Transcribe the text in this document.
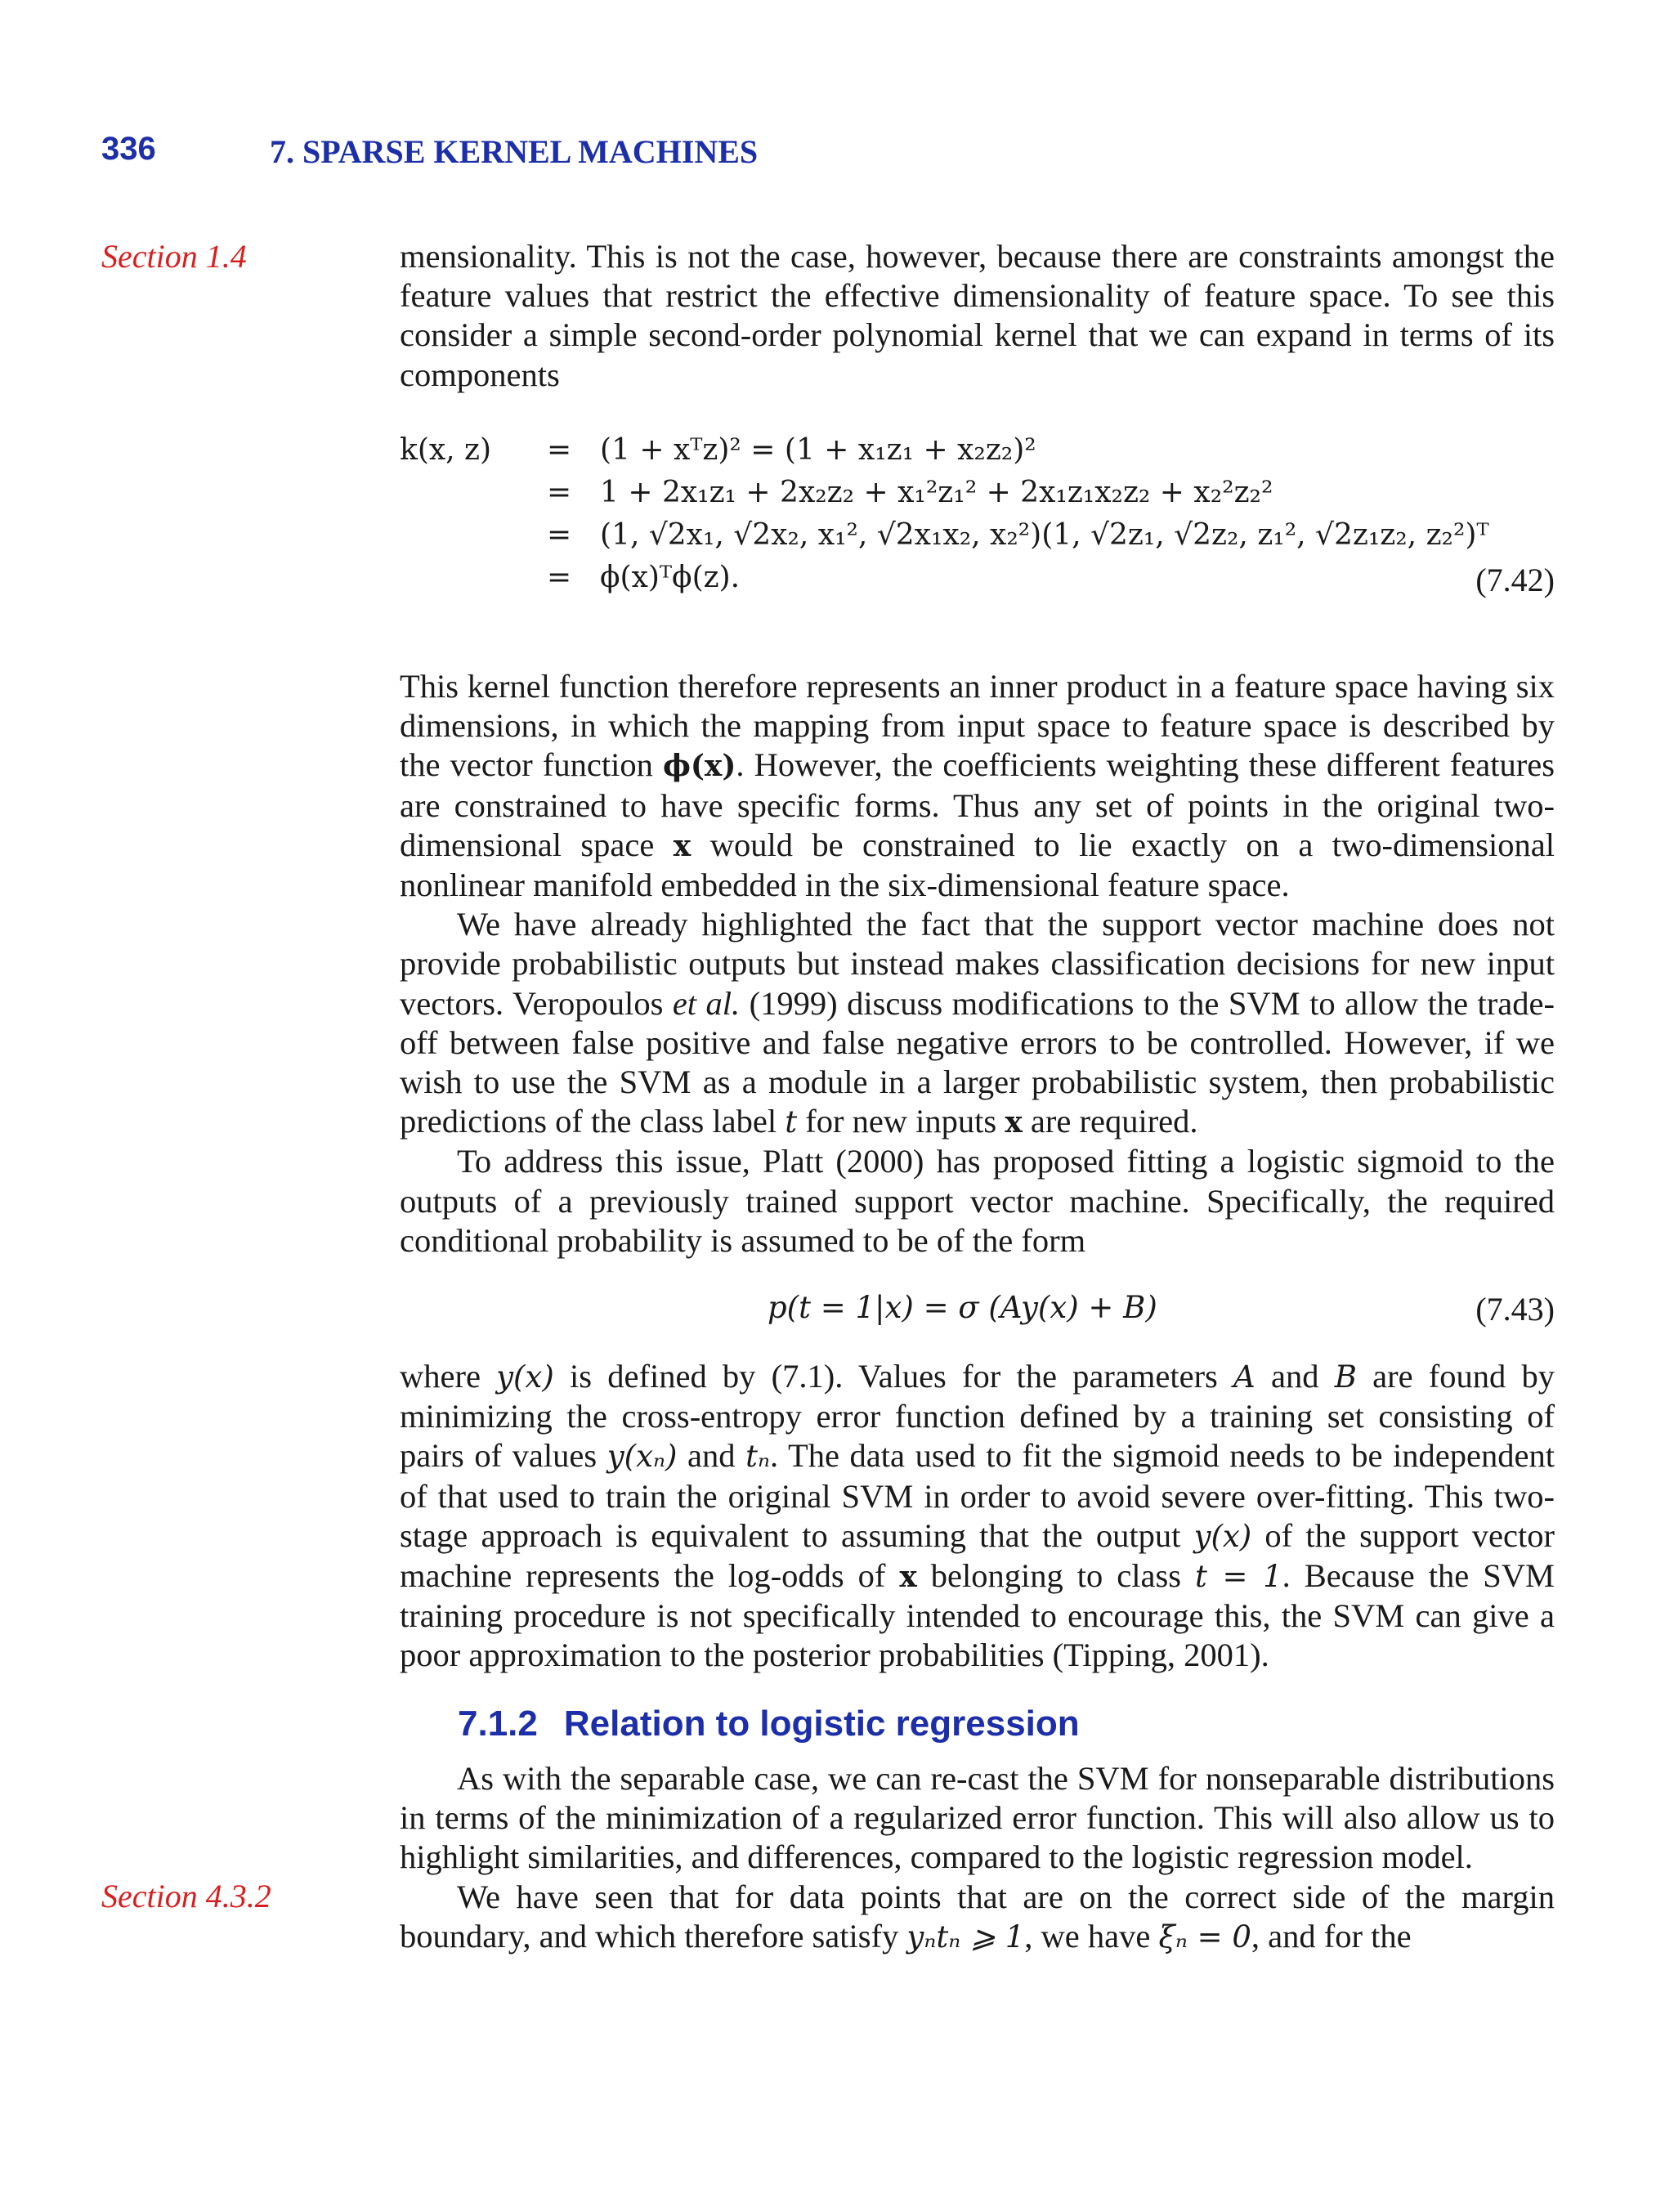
336	7. SPARSE KERNEL MACHINES
Section 1.4
Section 4.3.2

mensionality. This is not the case, however, because there are constraints amongst the feature values that restrict the effective dimensionality of feature space. To see this consider a simple second-order polynomial kernel that we can expand in terms of its components

k(x, z) = (1 + xᵀz)² = (1 + x₁z₁ + x₂z₂)²
= 1 + 2x₁z₁ + 2x₂z₂ + x₁²z₁² + 2x₁z₁x₂z₂ + x₂²z₂²
= (1, √2x₁, √2x₂, x₁², √2x₁x₂, x₂²)(1, √2z₁, √2z₂, z₁², √2z₁z₂, z₂²)ᵀ
= ϕ(x)ᵀϕ(z).	(7.42)

This kernel function therefore represents an inner product in a feature space having six dimensions, in which the mapping from input space to feature space is described by the vector function ϕ(x). However, the coefficients weighting these different features are constrained to have specific forms. Thus any set of points in the original two-dimensional space x would be constrained to lie exactly on a two-dimensional nonlinear manifold embedded in the six-dimensional feature space.

We have already highlighted the fact that the support vector machine does not provide probabilistic outputs but instead makes classification decisions for new input vectors. Veropoulos et al. (1999) discuss modifications to the SVM to allow the trade-off between false positive and false negative errors to be controlled. However, if we wish to use the SVM as a module in a larger probabilistic system, then probabilistic predictions of the class label t for new inputs x are required.

To address this issue, Platt (2000) has proposed fitting a logistic sigmoid to the outputs of a previously trained support vector machine. Specifically, the required conditional probability is assumed to be of the form

p(t = 1|x) = σ (Ay(x) + B)	(7.43)

where y(x) is defined by (7.1). Values for the parameters A and B are found by minimizing the cross-entropy error function defined by a training set consisting of pairs of values y(xₙ) and tₙ. The data used to fit the sigmoid needs to be independent of that used to train the original SVM in order to avoid severe over-fitting. This two-stage approach is equivalent to assuming that the output y(x) of the support vector machine represents the log-odds of x belonging to class t = 1. Because the SVM training procedure is not specifically intended to encourage this, the SVM can give a poor approximation to the posterior probabilities (Tipping, 2001).

7.1.2 Relation to logistic regression

As with the separable case, we can re-cast the SVM for nonseparable distributions in terms of the minimization of a regularized error function. This will also allow us to highlight similarities, and differences, compared to the logistic regression model.

We have seen that for data points that are on the correct side of the margin boundary, and which therefore satisfy yₙtₙ ⩾ 1, we have ξₙ = 0, and for the
